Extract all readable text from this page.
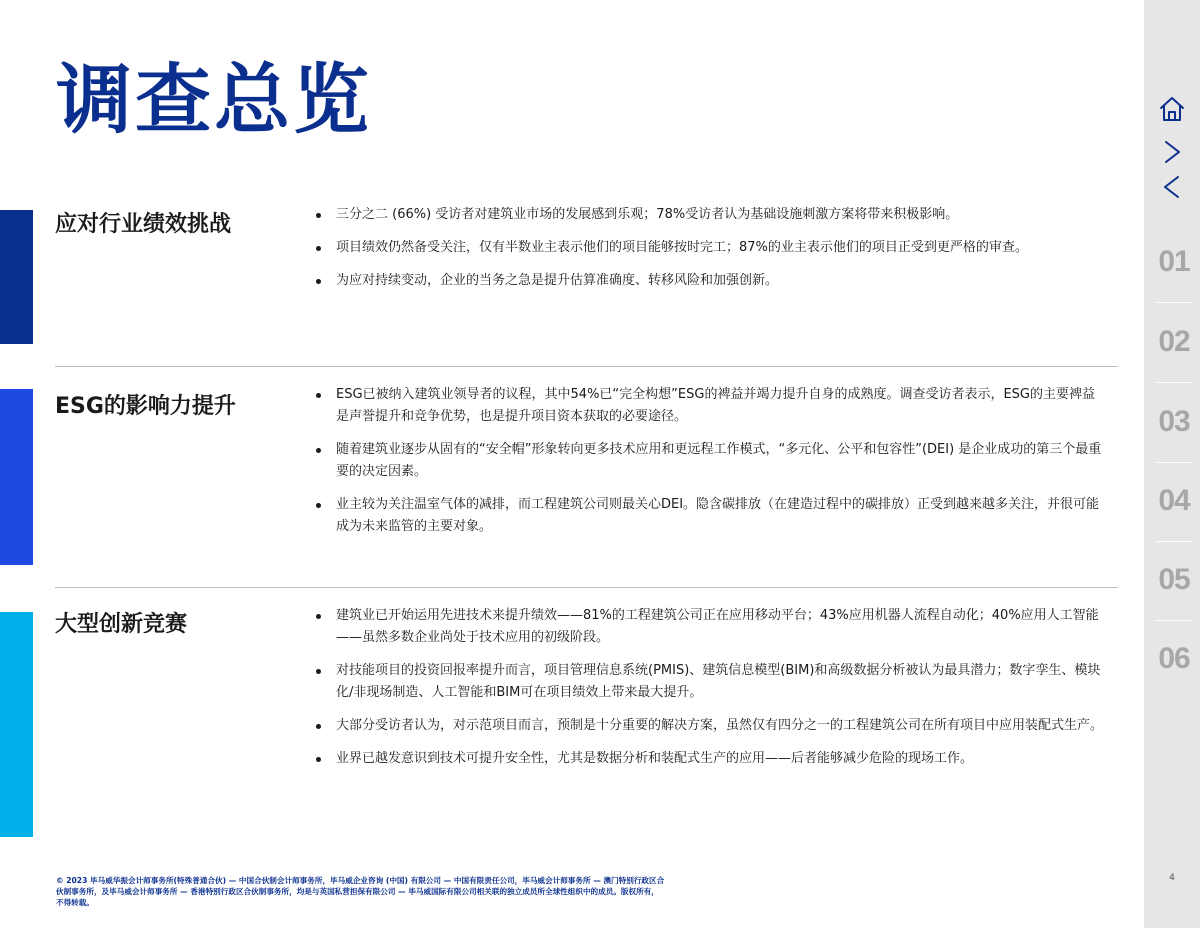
调查总览
应对行业绩效挑战	三分之二 (66%) 受访者对建筑业市场的发展感到乐观；78%受访者认为基础设施刺激方案将带来积极影响。
项目绩效仍然备受关注，仅有半数业主表示他们的项目能够按时完工；87%的业主表示他们的项目正受到更严格的审查。
为应对持续变动，企业的当务之急是提升估算准确度、转移风险和加强创新。
ESG的影响力提升	ESG已被纳入建筑业领导者的议程，其中54%已“完全构想”ESG的裨益并竭力提升自身的成熟度。调查受访者表示，ESG的主要裨益是声誉提升和竞争优势，也是提升项目资本获取的必要途径。
随着建筑业逐步从固有的“安全帽”形象转向更多技术应用和更远程工作模式，“多元化、公平和包容性”(DEI) 是企业成功的第三个最重要的决定因素。
业主较为关注温室气体的减排，而工程建筑公司则最关心DEI。隐含碳排放（在建造过程中的碳排放）正受到越来越多关注，并很可能成为未来监管的主要对象。
大型创新竞赛	建筑业已开始运用先进技术来提升绩效——81%的工程建筑公司正在应用移动平台；43%应用机器人流程自动化；40%应用人工智能——虽然多数企业尚处于技术应用的初级阶段。
对技能项目的投资回报率提升而言，项目管理信息系统(PMIS)、建筑信息模型(BIM)和高级数据分析被认为最具潜力；数字孪生、模块化/非现场制造、人工智能和BIM可在项目绩效上带来最大提升。
大部分受访者认为，对示范项目而言，预制是十分重要的解决方案，虽然仅有四分之一的工程建筑公司在所有项目中应用装配式生产。
业界已越发意识到技术可提升安全性，尤其是数据分析和装配式生产的应用——后者能够减少危险的现场工作。

© 2023 毕马威华振会计师事务所(特殊普通合伙) — 中国合伙制会计师事务所，毕马威企业咨询 (中国) 有限公司 — 中国有限责任公司，毕马威会计师事务所 — 澳门特别行政区合伙制事务所，及毕马威会计师事务所 — 香港特别行政区合伙制事务所，均是与英国私营担保有限公司 — 毕马威国际有限公司相关联的独立成员所全球性组织中的成员。版权所有，不得转载。

01
02
03
04
05
06
4
